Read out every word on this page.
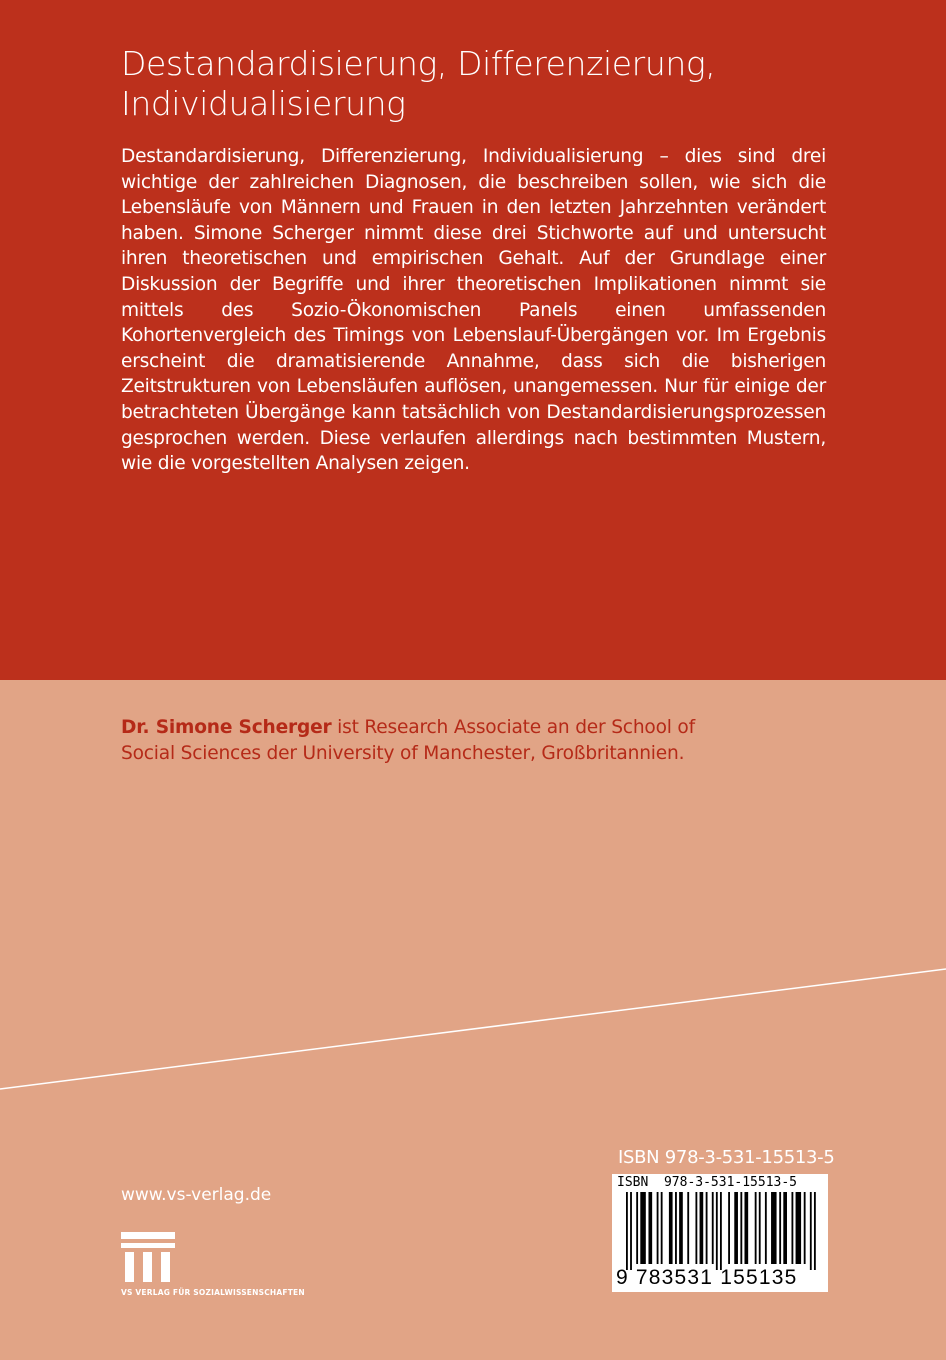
Destandardisierung, Differenzierung,
Individualisierung

Destandardisierung, Differenzierung, Individualisierung – dies sind drei wichtige der zahlreichen Diagnosen, die beschreiben sollen, wie sich die Lebensläufe von Männern und Frauen in den letzten Jahrzehnten verändert haben. Simone Scherger nimmt diese drei Stichworte auf und untersucht ihren theoretischen und empirischen Gehalt. Auf der Grundlage einer Diskussion der Begriffe und ihrer theoretischen Implikationen nimmt sie mittels des Sozio-Ökonomischen Panels einen umfassenden Kohortenvergleich des Timings von Lebenslauf-Übergängen vor. Im Ergebnis erscheint die dramatisierende Annahme, dass sich die bisherigen Zeitstrukturen von Lebensläufen auflösen, unangemessen. Nur für einige der betrachteten Übergänge kann tatsächlich von Destandardisierungsprozessen gesprochen werden. Diese verlaufen allerdings nach bestimmten Mustern, wie die vorgestellten Analysen zeigen.

Dr. Simone Scherger ist Research Associate an der School of
Social Sciences der University of Manchester, Großbritannien.

ISBN 978-3-531-15513-5
ISBN  978-3-531-15513-5
9 783531 155135
www.vs-verlag.de
VS VERLAG FÜR SOZIALWISSENSCHAFTEN
